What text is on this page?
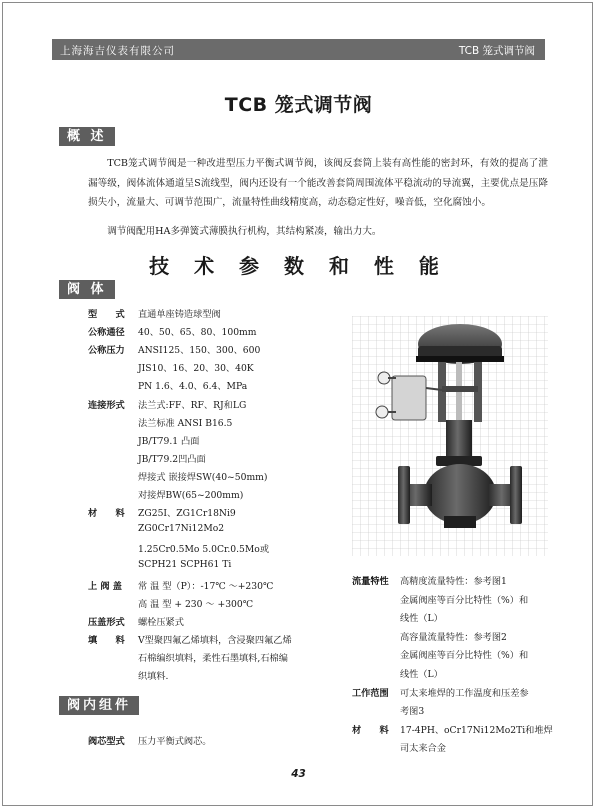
上海海吉仪表有限公司	TCB 笼式调节阀
TCB 笼式调节阀
概 述
TCB笼式调节阀是一种改进型压力平衡式调节阀，该阀反套筒上装有高性能的密封环，有效的提高了泄漏等级，阀体流体通道呈S流线型，阀内还设有一个能改善套筒周围流体平稳流动的导流翼，主要优点是压降损失小，流量大、可调节范围广，流量特性曲线精度高，动态稳定性好，噪音低，空化腐蚀小。
调节阀配用HA多弹簧式薄膜执行机构，其结构紧凑，输出力大。
技 术 参 数 和 性 能
阀 体
型　　式 直通单座铸造球型阀
公称通径 40、50、65、80、100mm
公称压力 ANSI125、150、300、600
JIS10、16、20、30、40K
PN 1.6、4.0、6.4、MPa
连接形式 法兰式:FF、RF、RJ和LG
法兰标准 ANSI B16.5
JB/T79.1 凸面
JB/T79.2凹凸面
焊接式 嵌接焊SW(40~50mm)
对接焊BW(65~200mm)
材　　料 ZG25I、ZG1Cr18Ni9
ZG0Cr17Ni12Mo2
1.25Cr0.5Mo 5.0Cr.0.5Mo或
SCPH21 SCPH61 Ti
上 阀 盖 常 温 型（P）：-17℃ ～+230℃
高 温 型 + 230 ～ +300℃
压盖形式 螺栓压紧式
填　　料 V型聚四氟乙烯填料，含浸聚四氟乙烯
石棉编织填料，柔性石墨填料,石棉编
织填料.
流量特性 高精度流量特性：参考图1
金属阀座等百分比特性（%）和
线性（L）
高容量流量特性：参考图2
金属阀座等百分比特性（%）和
线性（L）
工作范围 可太来堆焊的工作温度和压差参
考图3
材　　料 17-4PH、oCr17Ni12Mo2Ti和堆焊
司太来合金
阀内组件
阀芯型式 压力平衡式阀芯。
43
